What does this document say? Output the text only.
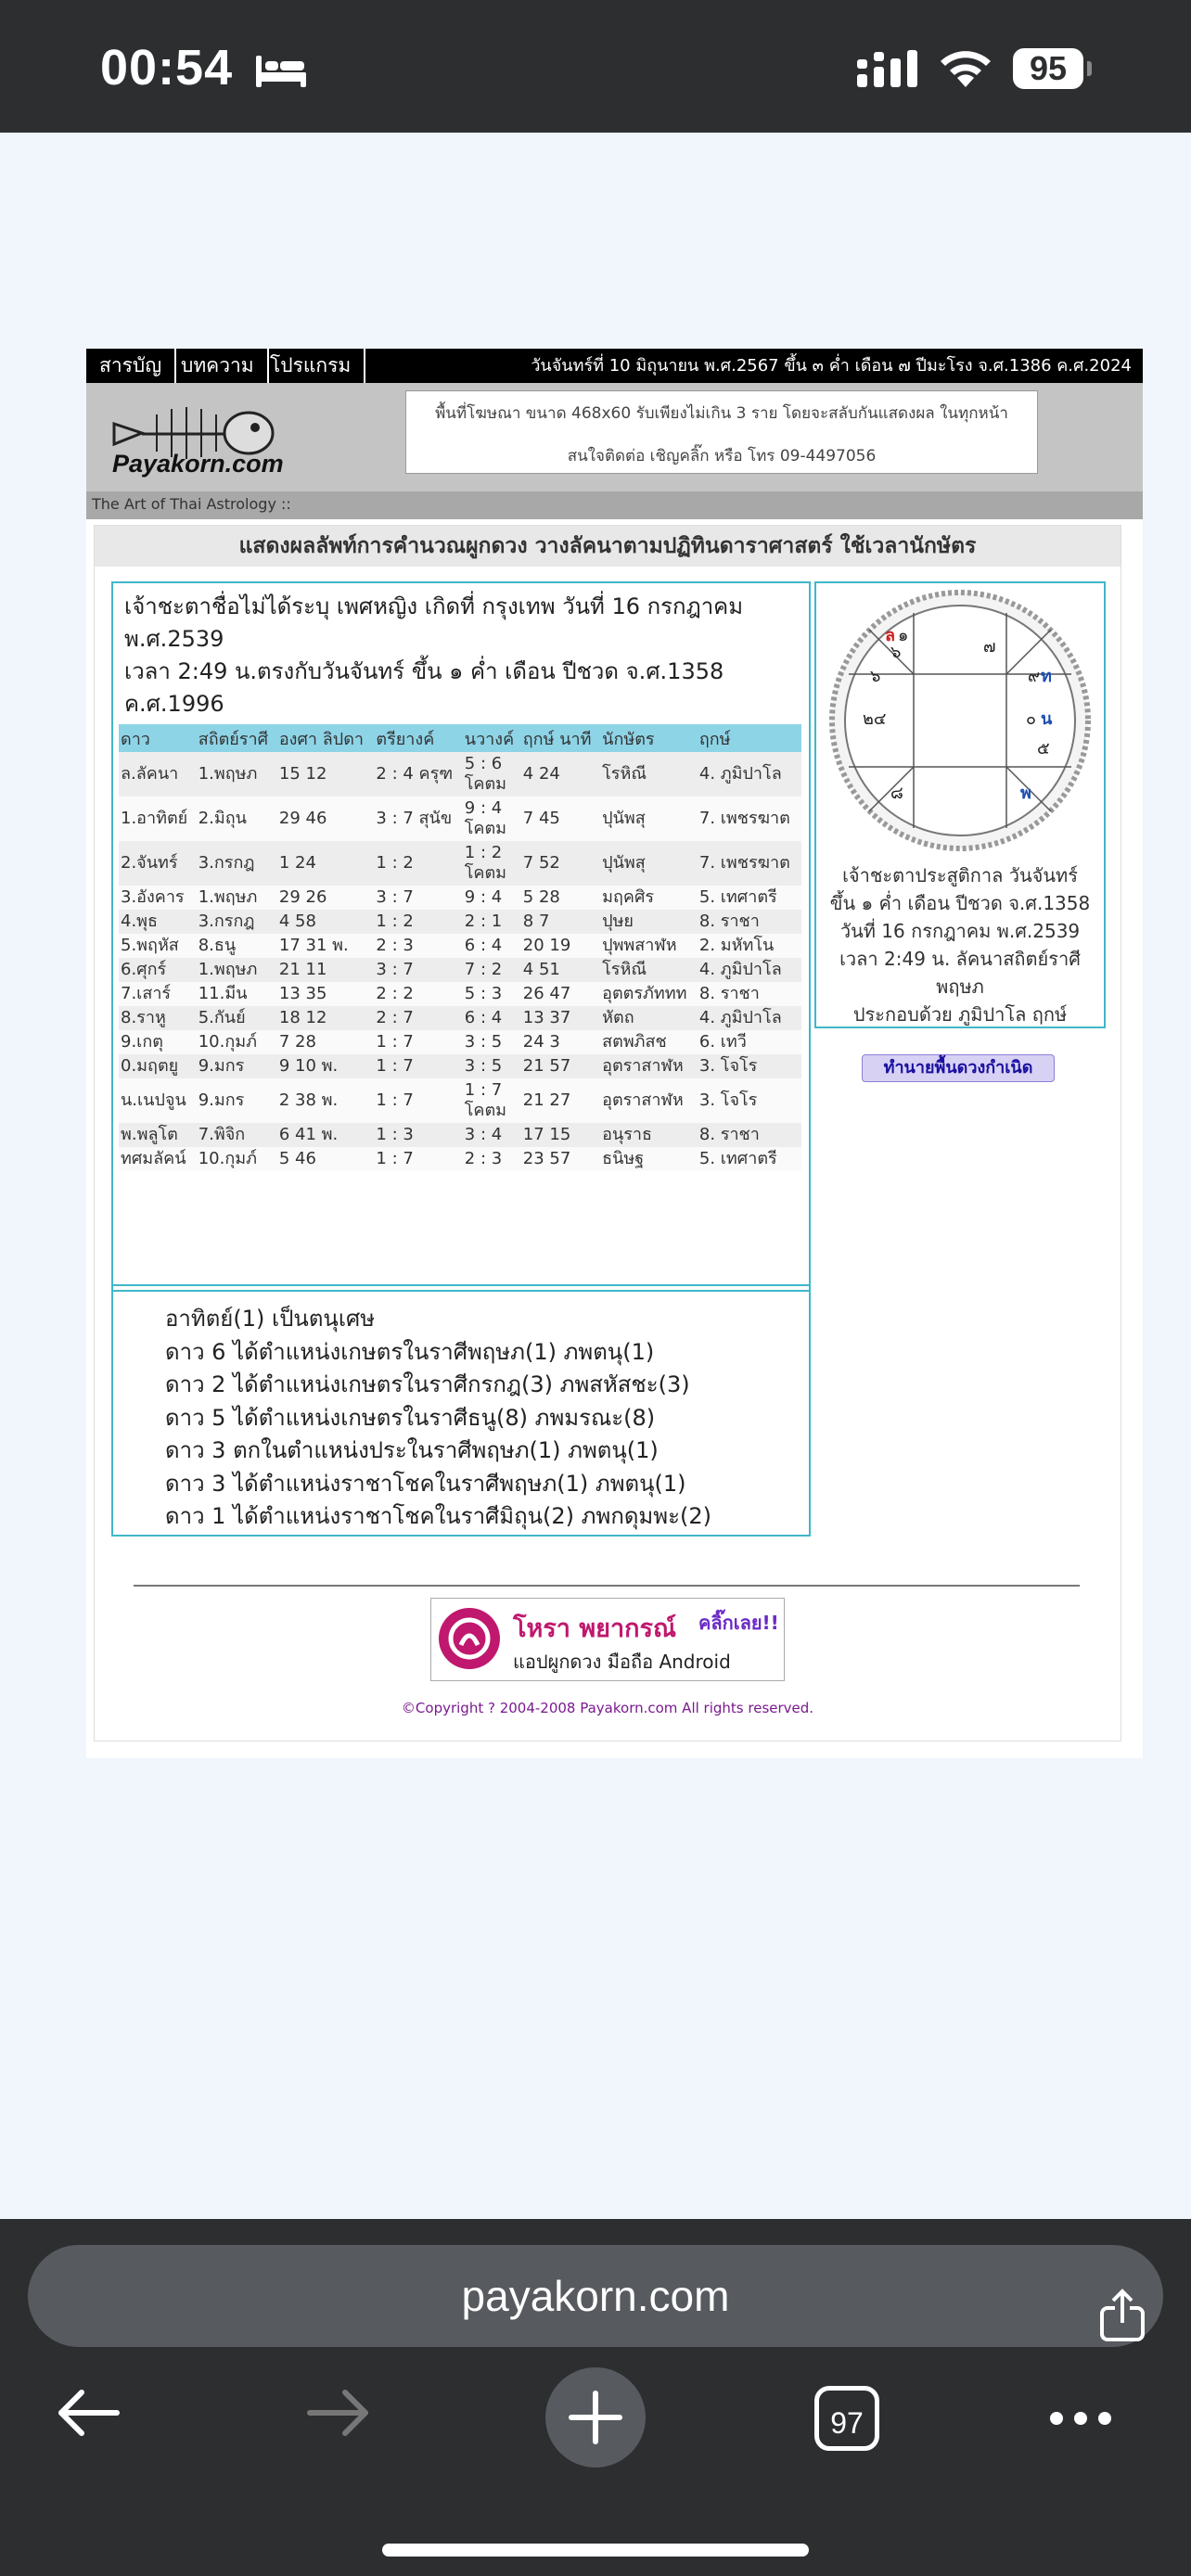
00:54	95
สารบัญ บทความ โปรแกรม	วันจันทร์ที่ 10 มิถุนายน พ.ศ.2567 ขึ้น ๓ ค่ำ เดือน ๗ ปีมะโรง จ.ศ.1386 ค.ศ.2024
Payakorn.com
พื้นที่โฆษณา ขนาด 468x60 รับเพียงไม่เกิน 3 ราย โดยจะสลับกันแสดงผล ในทุกหน้า
สนใจติดต่อ เชิญคลิ๊ก หรือ โทร 09-4497056
The Art of Thai Astrology ::
แสดงผลลัพท์การคำนวณผูกดวง วางลัคนาตามปฏิทินดาราศาสตร์ ใช้เวลานักษัตร
เจ้าชะตาชื่อไม่ได้ระบุ เพศหญิง เกิดที่ กรุงเทพ วันที่ 16 กรกฎาคม
พ.ศ.2539
เวลา 2:49 น.ตรงกับวันจันทร์ ขึ้น ๑ ค่ำ เดือน ปีชวด จ.ศ.1358
ค.ศ.1996
ดาว	สถิตย์ราศี	องศา ลิปดา	ตรียางค์	นวางค์	ฤกษ์ นาที	นักษัตร	ฤกษ์
ล.ลัคนา	1.พฤษภ	15 12	2 : 4 ครุฑ	5 : 6 โคตม	4 24	โรหิณี	4. ภูมิปาโล
1.อาทิตย์	2.มิถุน	29 46	3 : 7 สุนัข	9 : 4 โคตม	7 45	ปุนัพสุ	7. เพชรฆาต
2.จันทร์	3.กรกฎ	1 24	1 : 2	1 : 2 โคตม	7 52	ปุนัพสุ	7. เพชรฆาต
3.อังคาร	1.พฤษภ	29 26	3 : 7	9 : 4	5 28	มฤคศิร	5. เทศาตรี
4.พุธ	3.กรกฎ	4 58	1 : 2	2 : 1	8 7	ปุษย	8. ราชา
5.พฤหัส	8.ธนู	17 31 พ.	2 : 3	6 : 4	20 19	ปุพพสาฬห	2. มหัทโน
6.ศุกร์	1.พฤษภ	21 11	3 : 7	7 : 2	4 51	โรหิณี	4. ภูมิปาโล
7.เสาร์	11.มีน	13 35	2 : 2	5 : 3	26 47	อุตตรภัททท	8. ราชา
8.ราหู	5.กันย์	18 12	2 : 7	6 : 4	13 37	หัตถ	4. ภูมิปาโล
9.เกตุ	10.กุมภ์	7 28	1 : 7	3 : 5	24 3	สตพภิสช	6. เทวี
0.มฤตยู	9.มกร	9 10 พ.	1 : 7	3 : 5	21 57	อุตราสาฬห	3. โจโร
น.เนปจูน	9.มกร	2 38 พ.	1 : 7	1 : 7 โคตม	21 27	อุตราสาฬห	3. โจโร
พ.พลูโต	7.พิจิก	6 41 พ.	1 : 3	3 : 4	17 15	อนุราธ	8. ราชา
ทศมลัคน์	10.กุมภ์	5 46	1 : 7	2 : 3	23 57	ธนิษฐ	5. เทศาตรี
อาทิตย์(1) เป็นตนุเศษ
ดาว 6 ได้ตำแหน่งเกษตรในราศีพฤษภ(1) ภพตนุ(1)
ดาว 2 ได้ตำแหน่งเกษตรในราศีกรกฎ(3) ภพสหัสชะ(3)
ดาว 5 ได้ตำแหน่งเกษตรในราศีธนู(8) ภพมรณะ(8)
ดาว 3 ตกในตำแหน่งประในราศีพฤษภ(1) ภพตนุ(1)
ดาว 3 ได้ตำแหน่งราชาโชคในราศีพฤษภ(1) ภพตนุ(1)
ดาว 1 ได้ตำแหน่งราชาโชคในราศีมิถุน(2) ภพกดุมพะ(2)
ล ๑
๖	๗
๙ ท
๖
๒๔	๐ น
๕
๘	พ
เจ้าชะตาประสูติกาล วันจันทร์
ขึ้น ๑ ค่ำ เดือน ปีชวด จ.ศ.1358
วันที่ 16 กรกฎาคม พ.ศ.2539
เวลา 2:49 น. ลัคนาสถิตย์ราศีพฤษภ
ประกอบด้วย ภูมิปาโล ฤกษ์
ทำนายพื้นดวงกำเนิด
โหรา พยากรณ์ คลิ๊กเลย!!
แอปผูกดวง มือถือ Android
©Copyright ? 2004-2008 Payakorn.com All rights reserved.
payakorn.com
97
